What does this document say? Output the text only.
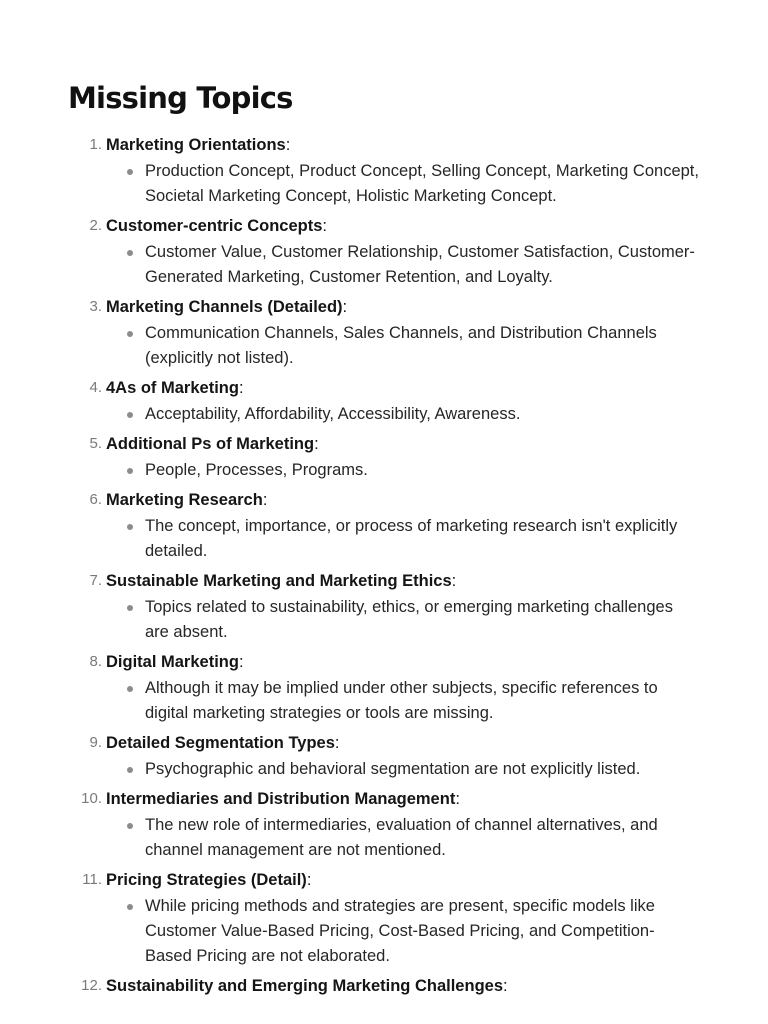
Missing Topics
1. Marketing Orientations:
Production Concept, Product Concept, Selling Concept, Marketing Concept, Societal Marketing Concept, Holistic Marketing Concept.
2. Customer-centric Concepts:
Customer Value, Customer Relationship, Customer Satisfaction, Customer-Generated Marketing, Customer Retention, and Loyalty.
3. Marketing Channels (Detailed):
Communication Channels, Sales Channels, and Distribution Channels (explicitly not listed).
4. 4As of Marketing:
Acceptability, Affordability, Accessibility, Awareness.
5. Additional Ps of Marketing:
People, Processes, Programs.
6. Marketing Research:
The concept, importance, or process of marketing research isn't explicitly detailed.
7. Sustainable Marketing and Marketing Ethics:
Topics related to sustainability, ethics, or emerging marketing challenges are absent.
8. Digital Marketing:
Although it may be implied under other subjects, specific references to digital marketing strategies or tools are missing.
9. Detailed Segmentation Types:
Psychographic and behavioral segmentation are not explicitly listed.
10. Intermediaries and Distribution Management:
The new role of intermediaries, evaluation of channel alternatives, and channel management are not mentioned.
11. Pricing Strategies (Detail):
While pricing methods and strategies are present, specific models like Customer Value-Based Pricing, Cost-Based Pricing, and Competition-Based Pricing are not elaborated.
12. Sustainability and Emerging Marketing Challenges:
